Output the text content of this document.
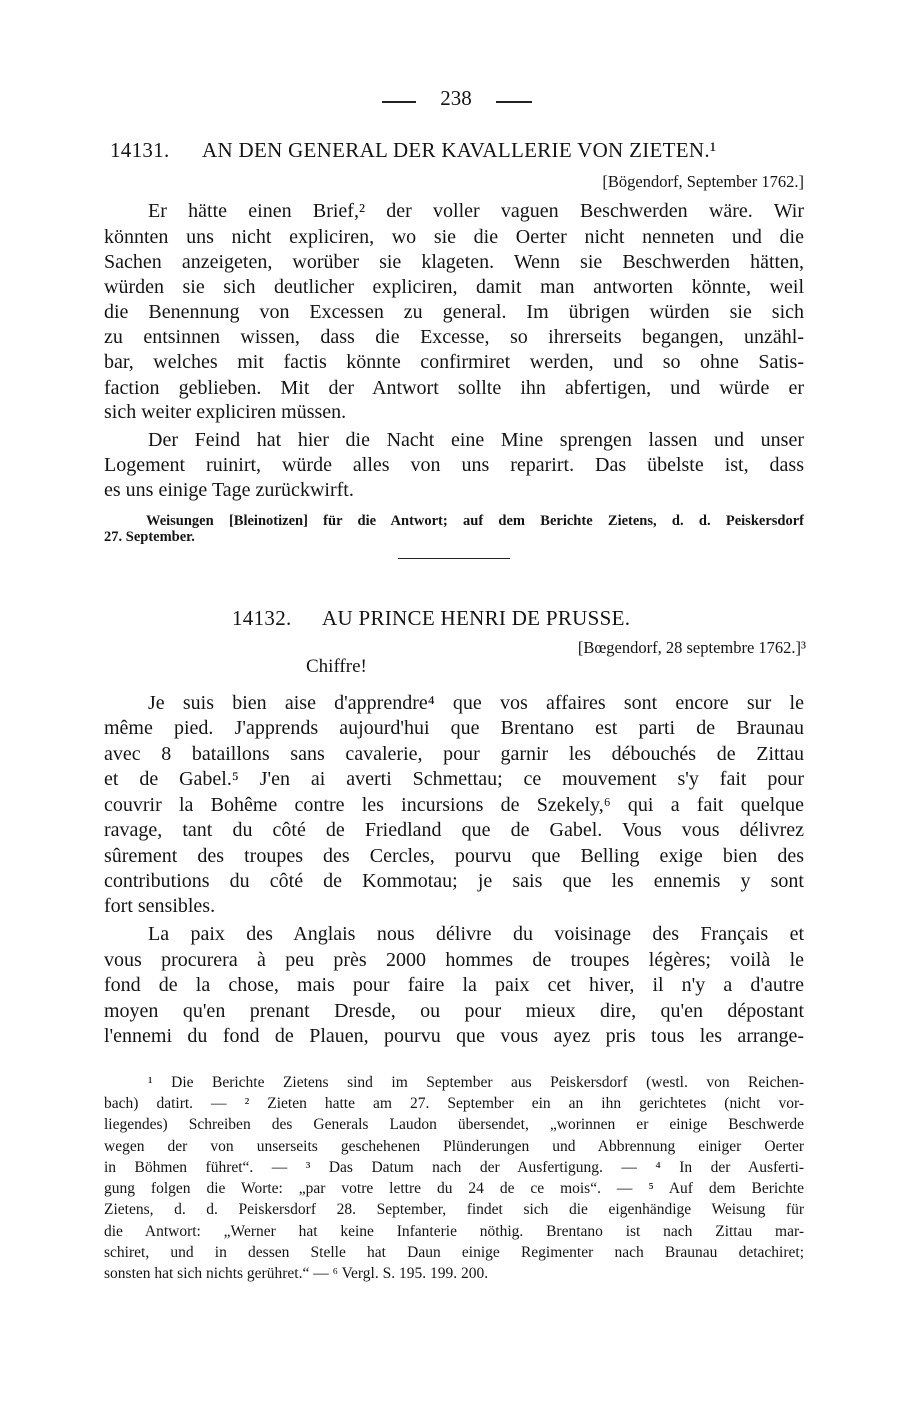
238
14131. AN DEN GENERAL DER KAVALLERIE VON ZIETEN.¹
[Bögendorf, September 1762.]
Er hätte einen Brief,² der voller vaguen Beschwerden wäre. Wir
könnten uns nicht expliciren, wo sie die Oerter nicht nenneten und die
Sachen anzeigeten, worüber sie klageten. Wenn sie Beschwerden hätten,
würden sie sich deutlicher expliciren, damit man antworten könnte, weil
die Benennung von Excessen zu general. Im übrigen würden sie sich
zu entsinnen wissen, dass die Excesse, so ihrerseits begangen, unzähl-
bar, welches mit factis könnte confirmiret werden, und so ohne Satis-
faction geblieben. Mit der Antwort sollte ihn abfertigen, und würde er
sich weiter expliciren müssen.
Der Feind hat hier die Nacht eine Mine sprengen lassen und unser
Logement ruinirt, würde alles von uns reparirt. Das übelste ist, dass
es uns einige Tage zurückwirft.
Weisungen [Bleinotizen] für die Antwort; auf dem Berichte Zietens, d. d. Peiskersdorf
27. September.
14132. AU PRINCE HENRI DE PRUSSE.
[Bœgendorf, 28 septembre 1762.]³
Chiffre!
Je suis bien aise d'apprendre⁴ que vos affaires sont encore sur le
même pied. J'apprends aujourd'hui que Brentano est parti de Braunau
avec 8 bataillons sans cavalerie, pour garnir les débouchés de Zittau
et de Gabel.⁵ J'en ai averti Schmettau; ce mouvement s'y fait pour
couvrir la Bohême contre les incursions de Szekely,⁶ qui a fait quelque
ravage, tant du côté de Friedland que de Gabel. Vous vous délivrez
sûrement des troupes des Cercles, pourvu que Belling exige bien des
contributions du côté de Kommotau; je sais que les ennemis y sont
fort sensibles.
La paix des Anglais nous délivre du voisinage des Français et
vous procurera à peu près 2000 hommes de troupes légères; voilà le
fond de la chose, mais pour faire la paix cet hiver, il n'y a d'autre
moyen qu'en prenant Dresde, ou pour mieux dire, qu'en dépostant
l'ennemi du fond de Plauen, pourvu que vous ayez pris tous les arrange-
¹ Die Berichte Zietens sind im September aus Peiskersdorf (westl. von Reichen-
bach) datirt. — ² Zieten hatte am 27. September ein an ihn gerichtetes (nicht vor-
liegendes) Schreiben des Generals Laudon übersendet, „worinnen er einige Beschwerde
wegen der von unserseits geschehenen Plünderungen und Abbrennung einiger Oerter
in Böhmen führet“. — ³ Das Datum nach der Ausfertigung. — ⁴ In der Ausferti-
gung folgen die Worte: „par votre lettre du 24 de ce mois“. — ⁵ Auf dem Berichte
Zietens, d. d. Peiskersdorf 28. September, findet sich die eigenhändige Weisung für
die Antwort: „Werner hat keine Infanterie nöthig. Brentano ist nach Zittau mar-
schiret, und in dessen Stelle hat Daun einige Regimenter nach Braunau detachiret;
sonsten hat sich nichts gerühret.“ — ⁶ Vergl. S. 195. 199. 200.
